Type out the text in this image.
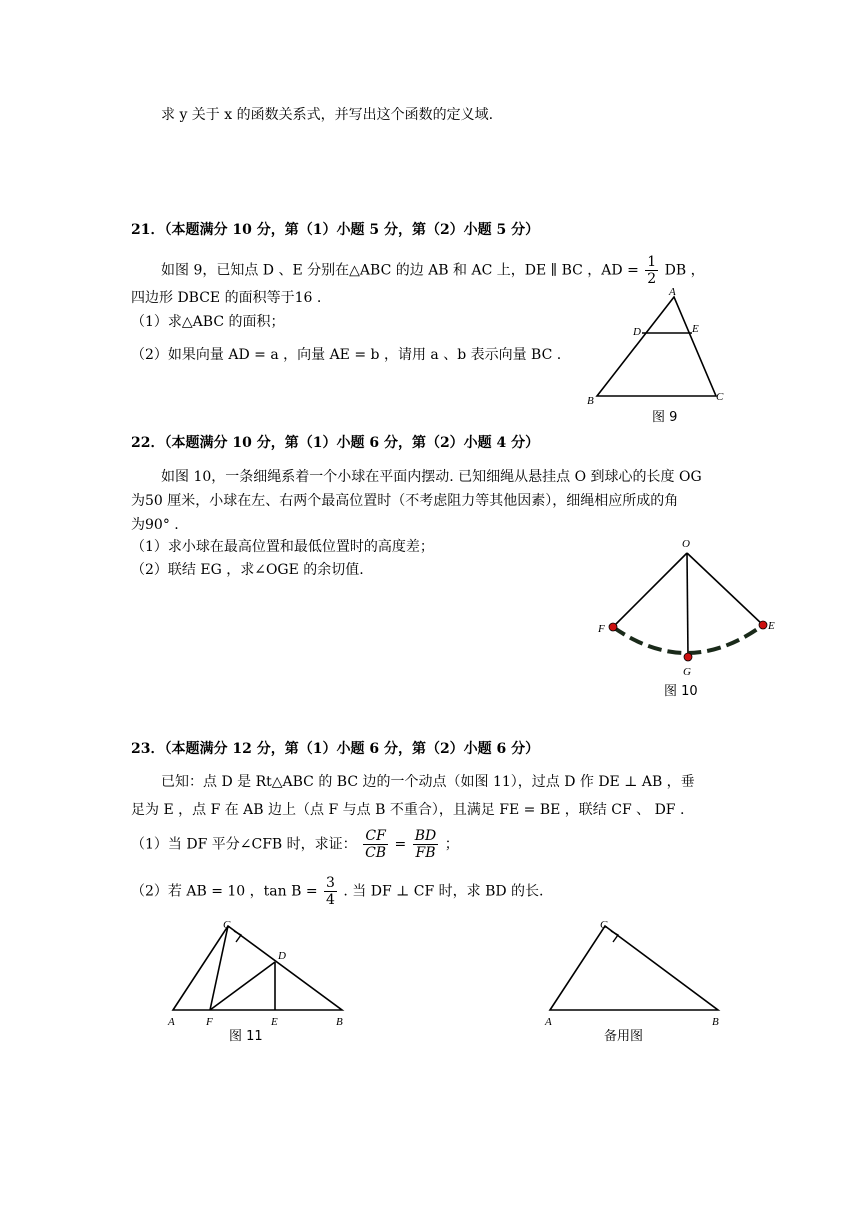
求 y 关于 x 的函数关系式，并写出这个函数的定义域.
21．（本题满分 10 分，第（1）小题 5 分，第（2）小题 5 分）
如图 9，已知点 D 、E 分别在△ABC 的边 AB 和 AC 上，DE ∥ BC ，AD = $\frac{1}{2}$ DB ，
四边形 DBCE 的面积等于16 .
（1）求△ABC 的面积；
（2）如果向量 AD = a ，向量 AE = b ，请用 a 、b 表示向量 BC .
A
D	E
B	C
图 9
22．（本题满分 10 分，第（1）小题 6 分，第（2）小题 4 分）
如图 10，一条细绳系着一个小球在平面内摆动. 已知细绳从悬挂点 O 到球心的长度 OG
为50 厘米，小球在左、右两个最高位置时（不考虑阻力等其他因素），细绳相应所成的角
为90° .
（1）求小球在最高位置和最低位置时的高度差；
（2）联结 EG ，求∠OGE 的余切值.
O
F	E
G
图 10
23．（本题满分 12 分，第（1）小题 6 分，第（2）小题 6 分）
已知：点 D 是 Rt△ABC 的 BC 边的一个动点（如图 11），过点 D 作 DE ⊥ AB ，垂
足为 E ，点 F 在 AB 边上（点 F 与点 B 不重合），且满足 FE = BE ，联结 CF 、 DF .
（1）当 DF 平分∠CFB 时，求证： $\frac{CF}{CB} = \frac{BD}{FB}$ ；
（2）若 AB = 10 ，$\tan B = \frac{3}{4}$ . 当 DF ⊥ CF 时，求 BD 的长.
A
C
D
F	E	B
图 11
A
C
B
备用图
